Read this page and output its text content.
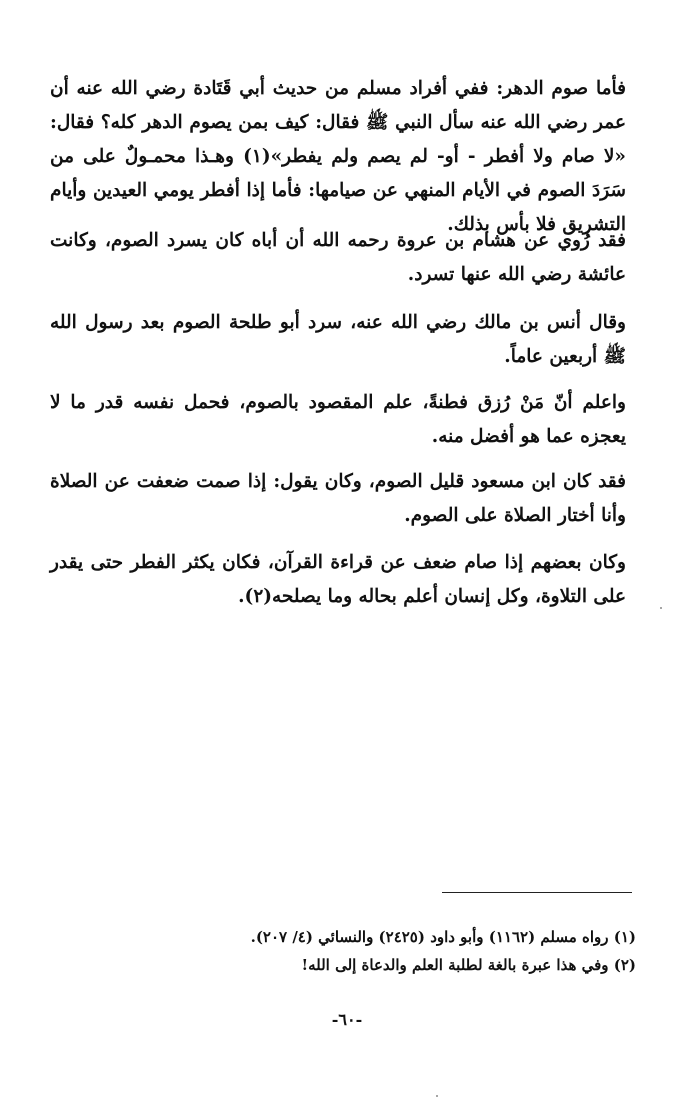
فأما صوم الدهر: ففي أفراد مسلم من حديث أبي قَتَادة رضي الله عنه أن عمر رضي الله عنه سأل النبي ﷺ فقال: كيف بمن يصوم الدهر كله؟ فقال: «لا صام ولا أفطر - أو- لم يصم ولم يفطر»(١) وهـذا محمـولٌ على من سَرَدَ الصوم في الأيام المنهي عن صيامها: فأما إذا أفطر يومي العيدين وأيام التشريق فلا بأس بذلك.

فقد رُوي عن هشام بن عروة رحمه الله أن أباه كان يسرد الصوم، وكانت عائشة رضي الله عنها تسرد.

وقال أنس بن مالك رضي الله عنه، سرد أبو طلحة الصوم بعد رسول الله ﷺ أربعين عاماً.

واعلم أنّ مَنْ رُزق فطنةً، علم المقصود بالصوم، فحمل نفسه قدر ما لا يعجزه عما هو أفضل منه.

فقد كان ابن مسعود قليل الصوم، وكان يقول: إذا صمت ضعفت عن الصلاة وأنا أختار الصلاة على الصوم.

وكان بعضهم إذا صام ضعف عن قراءة القرآن، فكان يكثر الفطر حتى يقدر على التلاوة، وكل إنسان أعلم بحاله وما يصلحه(٢).

(١) رواه مسلم (١١٦٢) وأبو داود (٢٤٢٥) والنسائي (٤/ ٢٠٧).

(٢) وفي هذا عبرة بالغة لطلبة العلم والدعاة إلى الله!

-٦٠-
